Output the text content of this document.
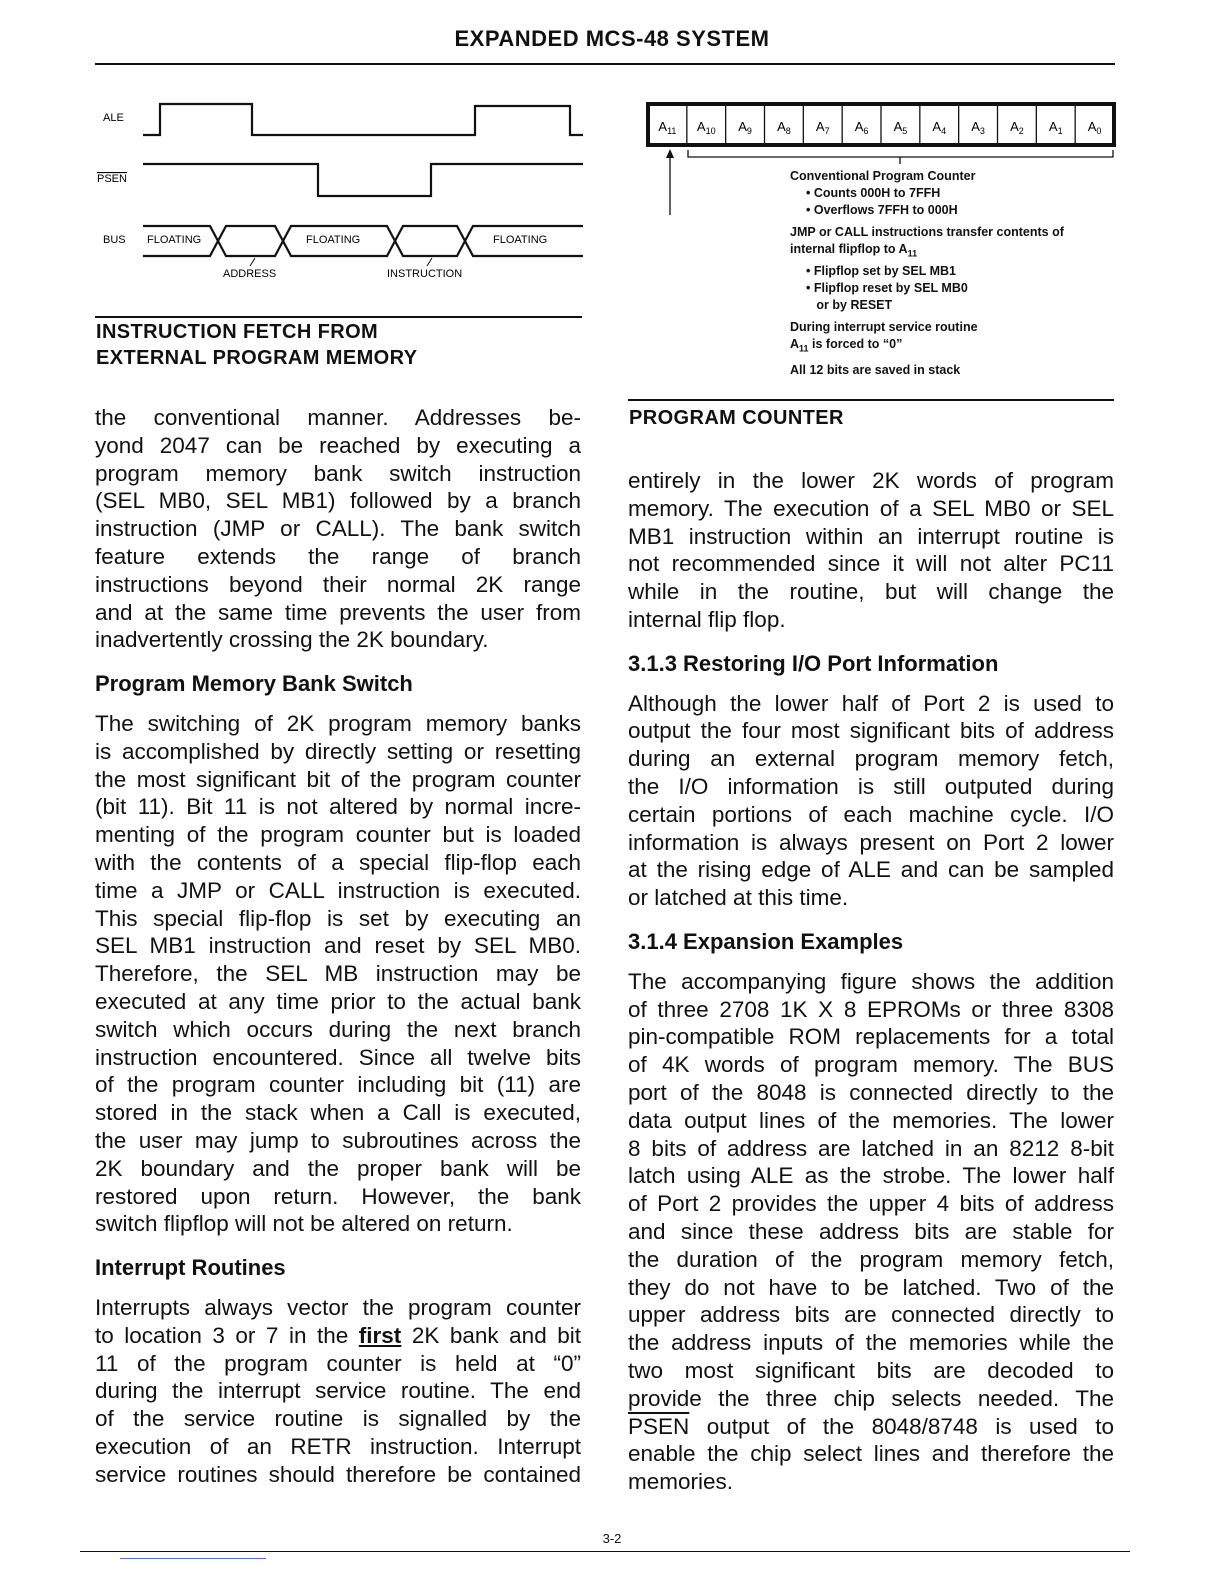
EXPANDED MCS-48 SYSTEM
ALE
PSEN
BUS FLOATING	FLOATING	FLOATING
ADDRESS	INSTRUCTION
INSTRUCTION FETCH FROM
EXTERNAL PROGRAM MEMORY
$A_{11}$ $A_{10}$ $A_9$ $A_8$ $A_7$ $A_6$ $A_5$ $A_4$ $A_3$ $A_2$ $A_1$ $A_0$
Conventional Program Counter
• Counts 000H to 7FFH
• Overflows 7FFH to 000H
JMP or CALL instructions transfer contents of
internal flipflop to $A_{11}$
• Flipflop set by SEL MB1
• Flipflop reset by SEL MB0
or by RESET
During interrupt service routine
$A_{11}$ is forced to “0”
All 12 bits are saved in stack
PROGRAM COUNTER
the conventional manner. Addresses be-
yond 2047 can be reached by executing a
program memory bank switch instruction
(SEL MB0, SEL MB1) followed by a branch
instruction (JMP or CALL). The bank switch
feature extends the range of branch
instructions beyond their normal 2K range
and at the same time prevents the user from
inadvertently crossing the 2K boundary.
Program Memory Bank Switch
The switching of 2K program memory banks
is accomplished by directly setting or resetting
the most significant bit of the program counter
(bit 11). Bit 11 is not altered by normal incre-
menting of the program counter but is loaded
with the contents of a special flip-flop each
time a JMP or CALL instruction is executed.
This special flip-flop is set by executing an
SEL MB1 instruction and reset by SEL MB0.
Therefore, the SEL MB instruction may be
executed at any time prior to the actual bank
switch which occurs during the next branch
instruction encountered. Since all twelve bits
of the program counter including bit (11) are
stored in the stack when a Call is executed,
the user may jump to subroutines across the
2K boundary and the proper bank will be
restored upon return. However, the bank
switch flipflop will not be altered on return.
Interrupt Routines
Interrupts always vector the program counter
to location 3 or 7 in the first 2K bank and bit
11 of the program counter is held at “0”
during the interrupt service routine. The end
of the service routine is signalled by the
execution of an RETR instruction. Interrupt
service routines should therefore be contained
entirely in the lower 2K words of program
memory. The execution of a SEL MB0 or SEL
MB1 instruction within an interrupt routine is
not recommended since it will not alter PC11
while in the routine, but will change the
internal flip flop.
3.1.3 Restoring I/O Port Information
Although the lower half of Port 2 is used to
output the four most significant bits of address
during an external program memory fetch,
the I/O information is still outputed during
certain portions of each machine cycle. I/O
information is always present on Port 2 lower
at the rising edge of ALE and can be sampled
or latched at this time.
3.1.4 Expansion Examples
The accompanying figure shows the addition
of three 2708 1K X 8 EPROMs or three 8308
pin-compatible ROM replacements for a total
of 4K words of program memory. The BUS
port of the 8048 is connected directly to the
data output lines of the memories. The lower
8 bits of address are latched in an 8212 8-bit
latch using ALE as the strobe. The lower half
of Port 2 provides the upper 4 bits of address
and since these address bits are stable for
the duration of the program memory fetch,
they do not have to be latched. Two of the
upper address bits are connected directly to
the address inputs of the memories while the
two most significant bits are decoded to
provide the three chip selects needed. The
PSEN output of the 8048/8748 is used to
enable the chip select lines and therefore the
memories.
3-2
